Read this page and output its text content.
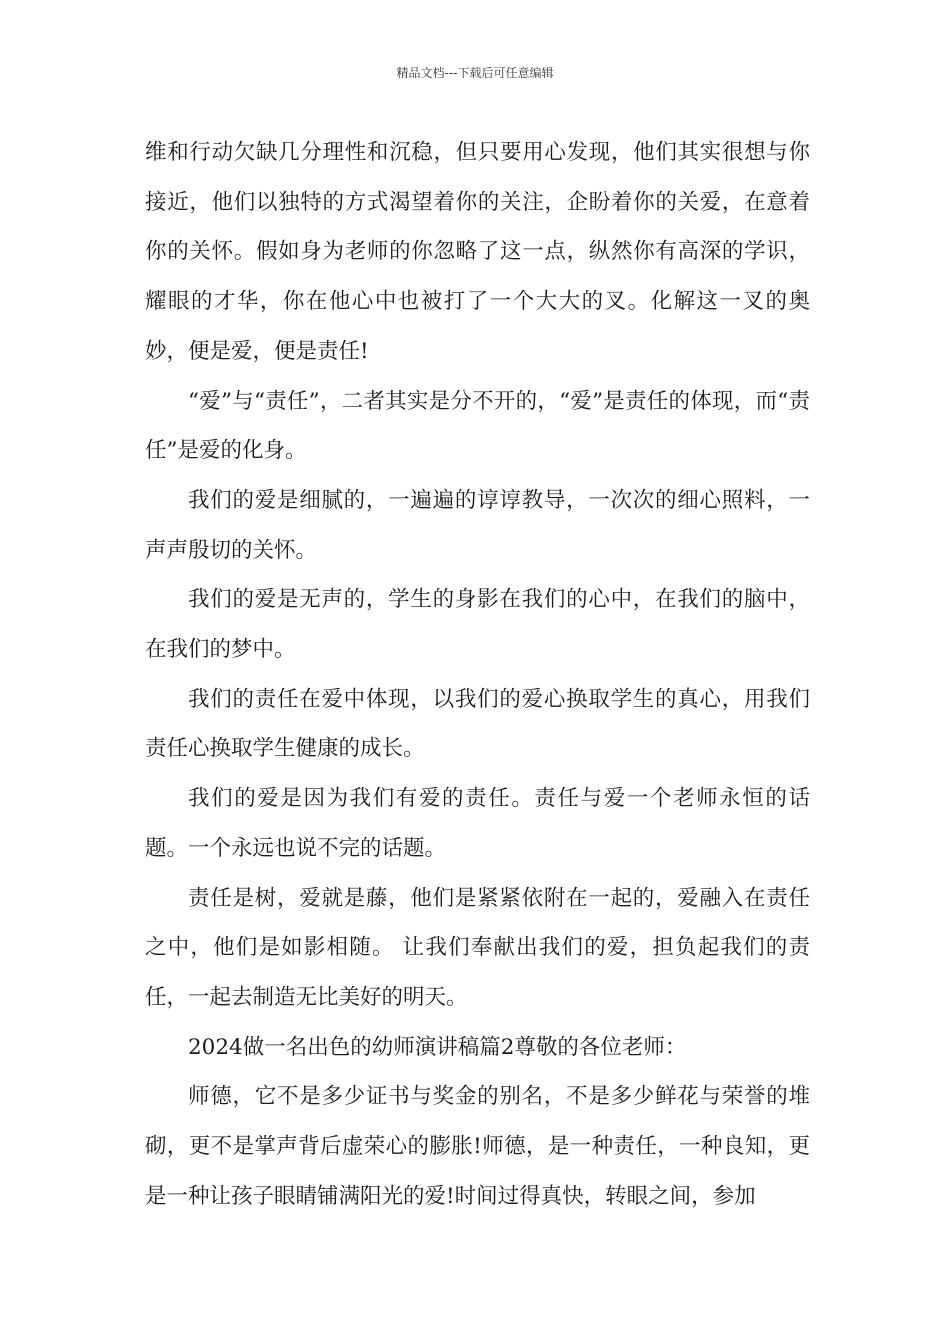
精品文档---下载后可任意编辑

维和行动欠缺几分理性和沉稳，但只要用心发现，他们其实很想与你接近，他们以独特的方式渴望着你的关注，企盼着你的关爱，在意着你的关怀。假如身为老师的你忽略了这一点，纵然你有高深的学识，耀眼的才华，你在他心中也被打了一个大大的叉。化解这一叉的奥妙，便是爱，便是责任!

“爱”与“责任”，二者其实是分不开的，“爱”是责任的体现，而“责任”是爱的化身。

我们的爱是细腻的，一遍遍的谆谆教导，一次次的细心照料，一声声殷切的关怀。

我们的爱是无声的，学生的身影在我们的心中，在我们的脑中，在我们的梦中。

我们的责任在爱中体现，以我们的爱心换取学生的真心，用我们责任心换取学生健康的成长。

我们的爱是因为我们有爱的责任。责任与爱一个老师永恒的话题。一个永远也说不完的话题。

责任是树，爱就是藤，他们是紧紧依附在一起的，爱融入在责任之中，他们是如影相随。 让我们奉献出我们的爱，担负起我们的责任，一起去制造无比美好的明天。

2024做一名出色的幼师演讲稿篇2尊敬的各位老师：

师德，它不是多少证书与奖金的别名，不是多少鲜花与荣誉的堆砌，更不是掌声背后虚荣心的膨胀!师德，是一种责任，一种良知，更是一种让孩子眼睛铺满阳光的爱!时间过得真快，转眼之间，参加
